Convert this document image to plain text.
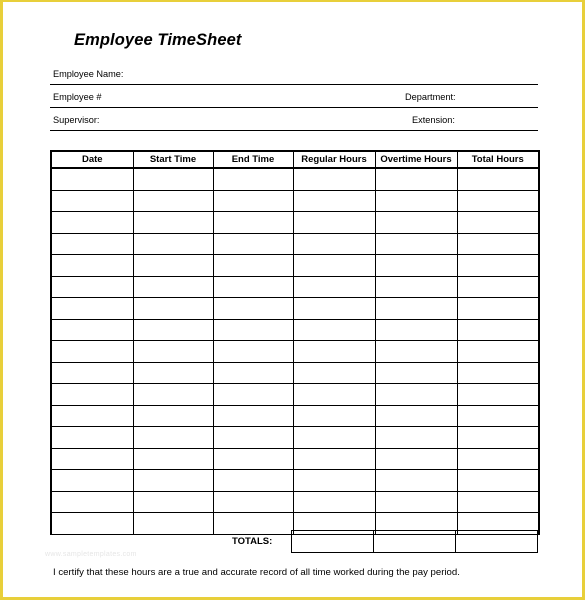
Employee TimeSheet
Employee Name:
Employee #	Department:
Supervisor:	Extension:
Date	Start Time	End Time	Regular Hours	Overtime Hours	Total Hours

TOTALS:

www.sampletemplates.com
I certify that these hours are a true and accurate record of all time worked during the pay period.
